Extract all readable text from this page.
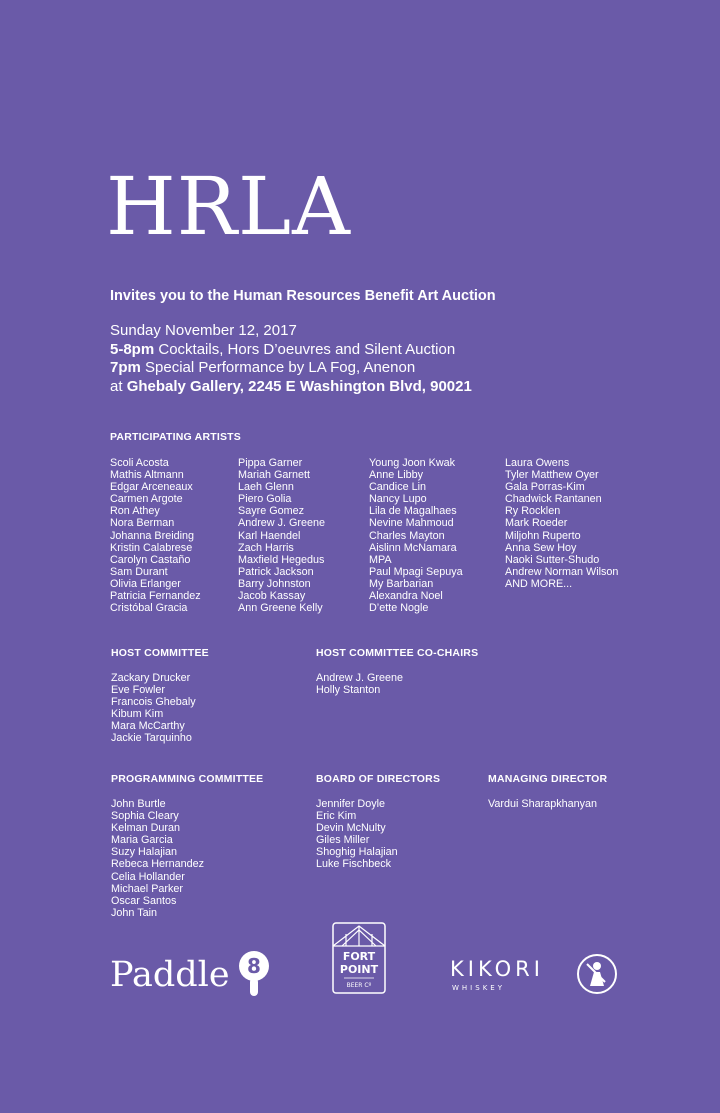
HRLA
Invites you to the Human Resources Benefit Art Auction
Sunday November 12, 2017
5-8pm Cocktails, Hors D’oeuvres and Silent Auction
7pm Special Performance by LA Fog, Anenon
at Ghebaly Gallery, 2245 E Washington Blvd, 90021
PARTICIPATING ARTISTS
Scoli Acosta
Mathis Altmann
Edgar Arceneaux
Carmen Argote
Ron Athey
Nora Berman
Johanna Breiding
Kristin Calabrese
Carolyn Castaño
Sam Durant
Olivia Erlanger
Patricia Fernandez
Cristóbal Gracia
Pippa Garner
Mariah Garnett
Laeh Glenn
Piero Golia
Sayre Gomez
Andrew J. Greene
Karl Haendel
Zach Harris
Maxfield Hegedus
Patrick Jackson
Barry Johnston
Jacob Kassay
Ann Greene Kelly
Young Joon Kwak
Anne Libby
Candice Lin
Nancy Lupo
Lila de Magalhaes
Nevine Mahmoud
Charles Mayton
Aislinn McNamara
MPA
Paul Mpagi Sepuya
My Barbarian
Alexandra Noel
D’ette Nogle
Laura Owens
Tyler Matthew Oyer
Gala Porras-Kim
Chadwick Rantanen
Ry Rocklen
Mark Roeder
Miljohn Ruperto
Anna Sew Hoy
Naoki Sutter-Shudo
Andrew Norman Wilson
AND MORE...
HOST COMMITTEE
Zackary Drucker
Eve Fowler
Francois Ghebaly
Kibum Kim
Mara McCarthy
Jackie Tarquinho
HOST COMMITTEE CO-CHAIRS
Andrew J. Greene
Holly Stanton
PROGRAMMING COMMITTEE
John Burtle
Sophia Cleary
Kelman Duran
Maria Garcia
Suzy Halajian
Rebeca Hernandez
Celia Hollander
Michael Parker
Oscar Santos
John Tain
BOARD OF DIRECTORS
Jennifer Doyle
Eric Kim
Devin McNulty
Giles Miller
Shoghig Halajian
Luke Fischbeck
MANAGING DIRECTOR
Vardui Sharapkhanyan
Paddle 8	FORT
POINT
BEER Cº
KIKORI
WHISKEY
